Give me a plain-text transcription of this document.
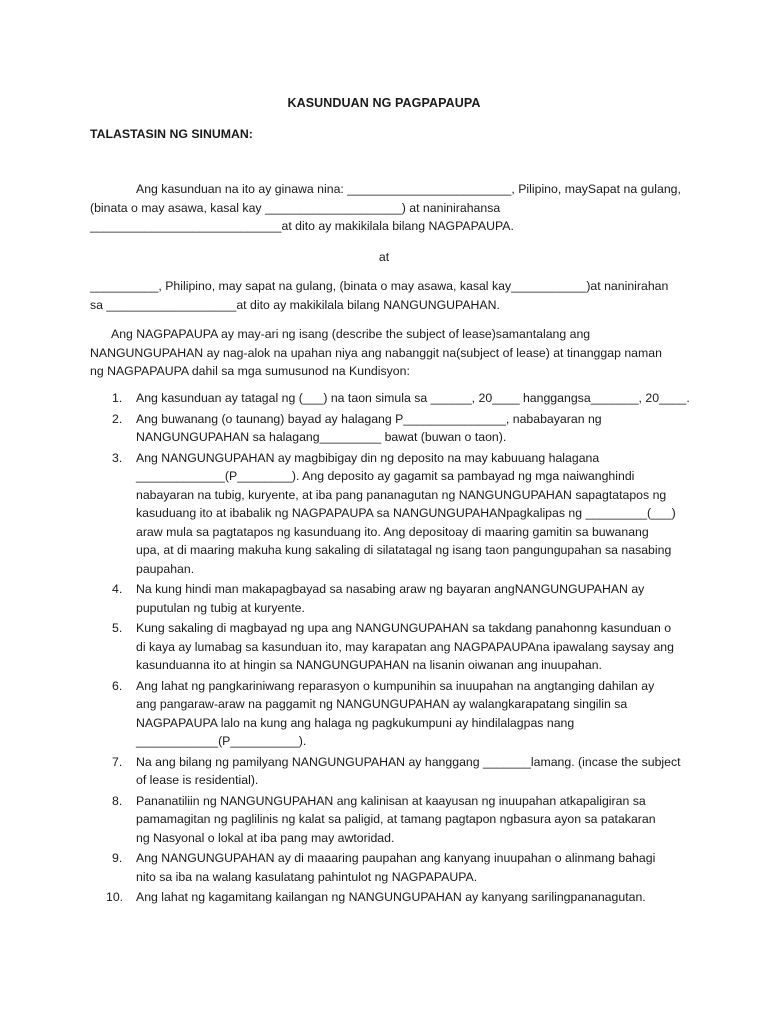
KASUNDUAN NG PAGPAPAUPA
TALASTASIN NG SINUMAN:
Ang kasunduan na ito ay ginawa nina: ________________________, Pilipino, maySapat na gulang,
(binata o may asawa, kasal kay ____________________) at naninirahansa
____________________________at dito ay makikilala bilang NAGPAPAUPA.
at
__________, Philipino, may sapat na gulang, (binata o may asawa, kasal kay___________)at naninirahan
sa ___________________at dito ay makikilala bilang NANGUNGUPAHAN.
Ang NAGPAPAUPA ay may-ari ng isang (describe the subject of lease)samantalang ang
NANGUNGUPAHAN ay nag-alok na upahan niya ang nabanggit na(subject of lease) at tinanggap naman
ng NAGPAPAUPA dahil sa mga sumusunod na Kundisyon:
1.	Ang kasunduan ay tatagal ng (___) na taon simula sa ______, 20____ hanggangsa_______, 20____.
2.	Ang buwanang (o taunang) bayad ay halagang P_______________, nababayaran ng
NANGUNGUPAHAN sa halagang_________ bawat (buwan o taon).
3.	Ang NANGUNGUPAHAN ay magbibigay din ng deposito na may kabuuang halagana
_____________(P________). Ang deposito ay gagamit sa pambayad ng mga naiwanghindi
nabayaran na tubig, kuryente, at iba pang pananagutan ng NANGUNGUPAHAN sapagtatapos ng
kasuduang ito at ibabalik ng NAGPAPAUPA sa NANGUNGUPAHANpagkalipas ng _________(___)
araw mula sa pagtatapos ng kasunduang ito. Ang depositoay di maaring gamitin sa buwanang
upa, at di maaring makuha kung sakaling di silatatagal ng isang taon pangungupahan sa nasabing
paupahan.
4.	Na kung hindi man makapagbayad sa nasabing araw ng bayaran angNANGUNGUPAHAN ay
puputulan ng tubig at kuryente.
5.	Kung sakaling di magbayad ng upa ang NANGUNGUPAHAN sa takdang panahonng kasunduan o
di kaya ay lumabag sa kasunduan ito, may karapatan ang NAGPAPAUPAna ipawalang saysay ang
kasunduanna ito at hingin sa NANGUNGUPAHAN na lisanin oiwanan ang inuupahan.
6.	Ang lahat ng pangkariniwang reparasyon o kumpunihin sa inuupahan na angtanging dahilan ay
ang pangaraw-araw na paggamit ng NANGUNGUPAHAN ay walangkarapatang singilin sa
NAGPAPAUPA lalo na kung ang halaga ng pagkukumpuni ay hindilalagpas nang
____________(P__________).
7.	Na ang bilang ng pamilyang NANGUNGUPAHAN ay hanggang _______lamang. (incase the subject
of lease is residential).
8.	Pananatiliin ng NANGUNGUPAHAN ang kalinisan at kaayusan ng inuupahan atkapaligiran sa
pamamagitan ng paglilinis ng kalat sa paligid, at tamang pagtapon ngbasura ayon sa patakaran
ng Nasyonal o lokal at iba pang may awtoridad.
9.	Ang NANGUNGUPAHAN ay di maaaring paupahan ang kanyang inuupahan o alinmang bahagi
nito sa iba na walang kasulatang pahintulot ng NAGPAPAUPA.
10.	Ang lahat ng kagamitang kailangan ng NANGUNGUPAHAN ay kanyang sarilingpananagutan.
